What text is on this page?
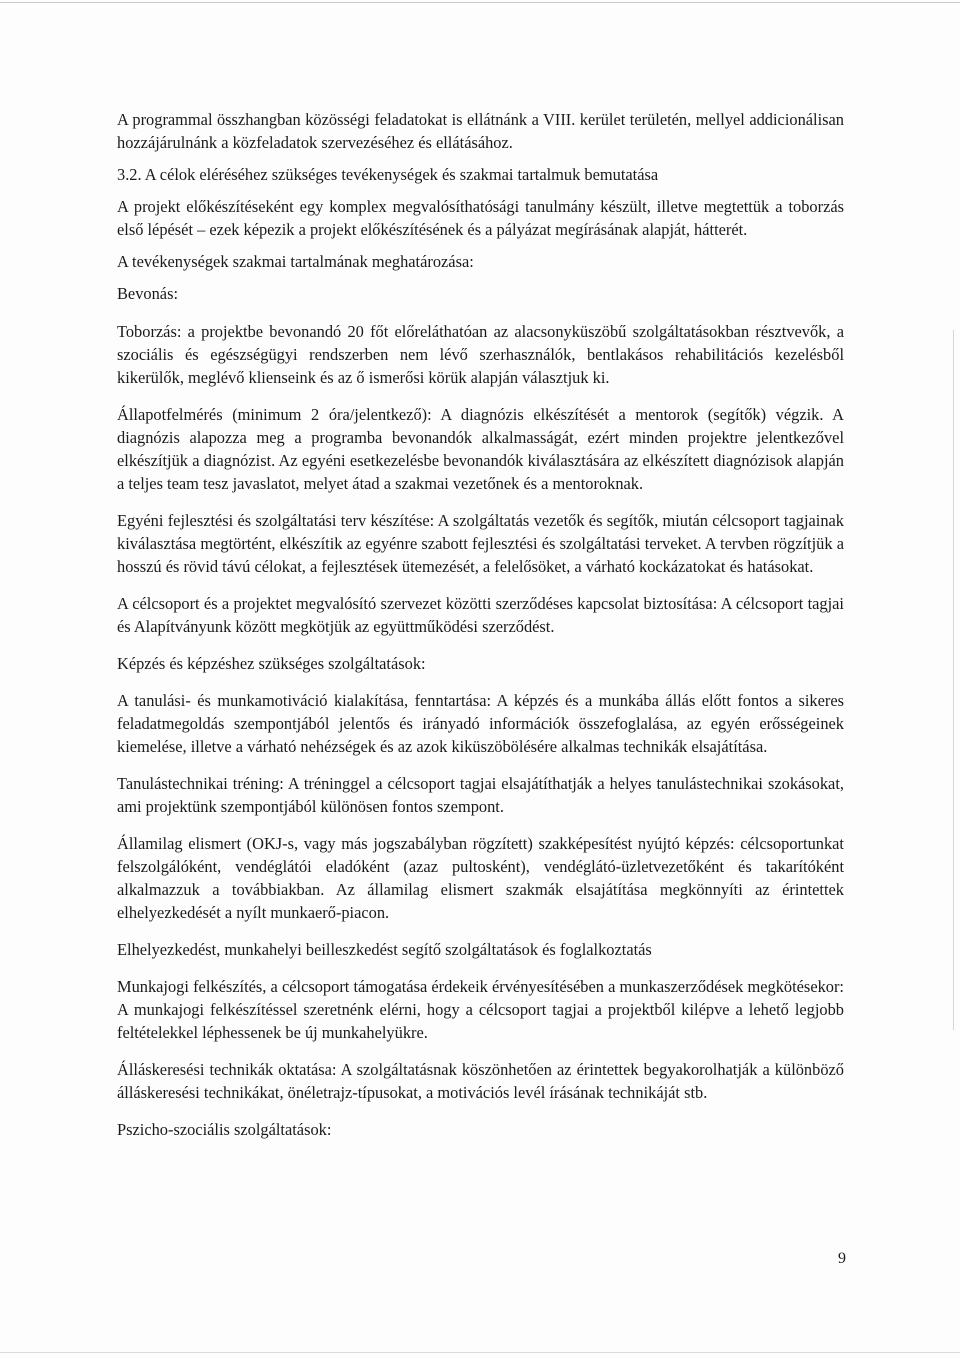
A programmal összhangban közösségi feladatokat is ellátnánk a VIII. kerület területén, mellyel addicionálisan hozzájárulnánk a közfeladatok szervezéséhez és ellátásához.

3.2. A célok eléréséhez szükséges tevékenységek és szakmai tartalmuk bemutatása

A projekt előkészítéseként egy komplex megvalósíthatósági tanulmány készült, illetve megtettük a toborzás első lépését – ezek képezik a projekt előkészítésének és a pályázat megírásának alapját, hátterét.

A tevékenységek szakmai tartalmának meghatározása:

Bevonás:

Toborzás: a projektbe bevonandó 20 főt előreláthatóan az alacsonyküszöbű szolgáltatásokban résztvevők, a szociális és egészségügyi rendszerben nem lévő szerhasználók, bentlakásos rehabilitációs kezelésből kikerülők, meglévő klienseink és az ő ismerősi körük alapján választjuk ki.

Állapotfelmérés (minimum 2 óra/jelentkező): A diagnózis elkészítését a mentorok (segítők) végzik. A diagnózis alapozza meg a programba bevonandók alkalmasságát, ezért minden projektre jelentkezővel elkészítjük a diagnózist. Az egyéni esetkezelésbe bevonandók kiválasztására az elkészített diagnózisok alapján a teljes team tesz javaslatot, melyet átad a szakmai vezetőnek és a mentoroknak.

Egyéni fejlesztési és szolgáltatási terv készítése: A szolgáltatás vezetők és segítők, miután célcsoport tagjainak kiválasztása megtörtént, elkészítik az egyénre szabott fejlesztési és szolgáltatási terveket. A tervben rögzítjük a hosszú és rövid távú célokat, a fejlesztések ütemezését, a felelősöket, a várható kockázatokat és hatásokat.

A célcsoport és a projektet megvalósító szervezet közötti szerződéses kapcsolat biztosítása: A célcsoport tagjai és Alapítványunk között megkötjük az együttműködési szerződést.

Képzés és képzéshez szükséges szolgáltatások:

A tanulási- és munkamotiváció kialakítása, fenntartása: A képzés és a munkába állás előtt fontos a sikeres feladatmegoldás szempontjából jelentős és irányadó információk összefoglalása, az egyén erősségeinek kiemelése, illetve a várható nehézségek és az azok kiküszöbölésére alkalmas technikák elsajátítása.

Tanulástechnikai tréning: A tréninggel a célcsoport tagjai elsajátíthatják a helyes tanulástechnikai szokásokat, ami projektünk szempontjából különösen fontos szempont.

Államilag elismert (OKJ-s, vagy más jogszabályban rögzített) szakképesítést nyújtó képzés: célcsoportunkat felszolgálóként, vendéglátói eladóként (azaz pultosként), vendéglátó-üzletvezetőként és takarítóként alkalmazzuk a továbbiakban. Az államilag elismert szakmák elsajátítása megkönnyíti az érintettek elhelyezkedését a nyílt munkaerő-piacon.

Elhelyezkedést, munkahelyi beilleszkedést segítő szolgáltatások és foglalkoztatás

Munkajogi felkészítés, a célcsoport támogatása érdekeik érvényesítésében a munkaszerződések megkötésekor: A munkajogi felkészítéssel szeretnénk elérni, hogy a célcsoport tagjai a projektből kilépve a lehető legjobb feltételekkel léphessenek be új munkahelyükre.

Álláskeresési technikák oktatása: A szolgáltatásnak köszönhetően az érintettek begyakorolhatják a különböző álláskeresési technikákat, önéletrajz-típusokat, a motivációs levél írásának technikáját stb.

Pszicho-szociális szolgáltatások:

9
